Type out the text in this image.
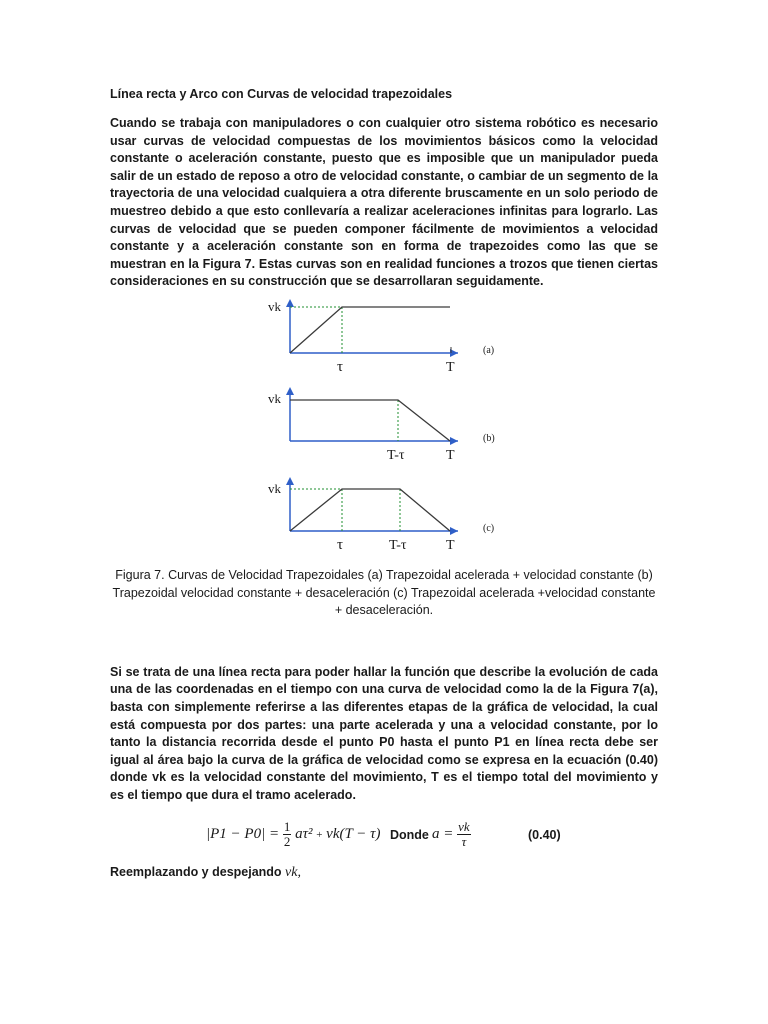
Línea recta y Arco con Curvas de velocidad trapezoidales

Cuando se trabaja con manipuladores o con cualquier otro sistema robótico es necesario usar curvas de velocidad compuestas de los movimientos básicos como la velocidad constante o aceleración constante, puesto que es imposible que un manipulador pueda salir de un estado de reposo a otro de velocidad constante, o cambiar de un segmento de la trayectoria de una velocidad cualquiera a otra diferente bruscamente en un solo periodo de muestreo debido a que esto conllevaría a realizar aceleraciones infinitas para lograrlo. Las curvas de velocidad que se pueden componer fácilmente de movimientos a velocidad constante y a aceleración constante son en forma de trapezoides como las que se muestran en la Figura 7. Estas curvas son en realidad funciones a trozos que tienen ciertas consideraciones en su construcción que se desarrollaran seguidamente.

vk
τ	T
(a)
vk
T-τ	T
(b)
vk
τ	T-τ	T
(c)

Figura 7. Curvas de Velocidad Trapezoidales (a) Trapezoidal acelerada + velocidad constante (b) Trapezoidal velocidad constante + desaceleración (c) Trapezoidal acelerada +velocidad constante + desaceleración.

Si se trata de una línea recta para poder hallar la función que describe la evolución de cada una de las coordenadas en el tiempo con una curva de velocidad como la de la Figura 7(a), basta con simplemente referirse a las diferentes etapas de la gráfica de velocidad, la cual está compuesta por dos partes: una parte acelerada y una a velocidad constante, por lo tanto la distancia recorrida desde el punto P0 hasta el punto P1 en línea recta debe ser igual al área bajo la curva de la gráfica de velocidad como se expresa en la ecuación (0.40) donde vk es la velocidad constante del movimiento, T es el tiempo total del movimiento y es el tiempo que dura el tramo acelerado.

$|P1 - P0| = \frac{1}{2} a\tau^2 + vk(T - \tau)$ Donde $a = \frac{vk}{\tau}$	(0.40)

Reemplazando y despejando vk,
